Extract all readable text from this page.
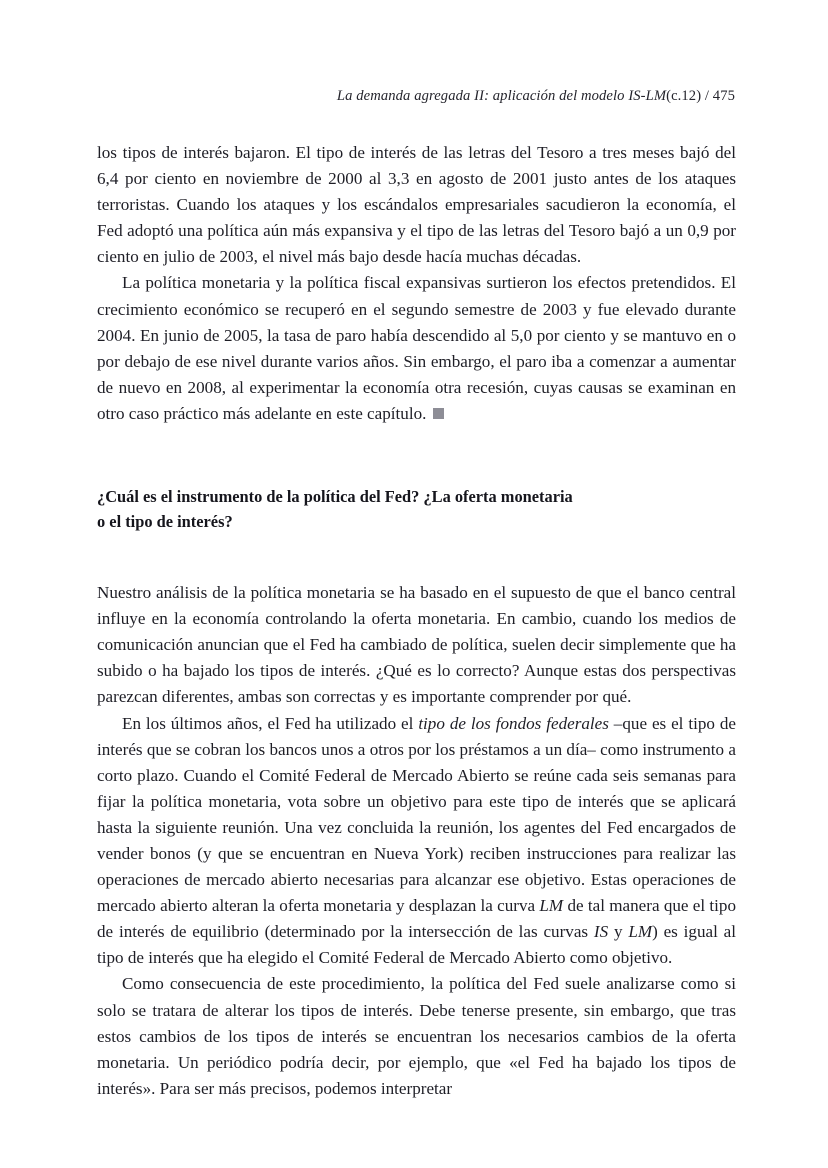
La demanda agregada II: aplicación del modelo IS-LM(c.12) / 475

los tipos de interés bajaron. El tipo de interés de las letras del Tesoro a tres meses bajó del 6,4 por ciento en noviembre de 2000 al 3,3 en agosto de 2001 justo antes de los ataques terroristas. Cuando los ataques y los escándalos empresariales sacudieron la economía, el Fed adoptó una política aún más expansiva y el tipo de las letras del Tesoro bajó a un 0,9 por ciento en julio de 2003, el nivel más bajo desde hacía muchas décadas.

La política monetaria y la política fiscal expansivas surtieron los efectos pretendidos. El crecimiento económico se recuperó en el segundo semestre de 2003 y fue elevado durante 2004. En junio de 2005, la tasa de paro había descendido al 5,0 por ciento y se mantuvo en o por debajo de ese nivel durante varios años. Sin embargo, el paro iba a comenzar a aumentar de nuevo en 2008, al experimentar la economía otra recesión, cuyas causas se examinan en otro caso práctico más adelante en este capítulo.

¿Cuál es el instrumento de la política del Fed? ¿La oferta monetaria
o el tipo de interés?

Nuestro análisis de la política monetaria se ha basado en el supuesto de que el banco central influye en la economía controlando la oferta monetaria. En cambio, cuando los medios de comunicación anuncian que el Fed ha cambiado de política, suelen decir simplemente que ha subido o ha bajado los tipos de interés. ¿Qué es lo correcto? Aunque estas dos perspectivas parezcan diferentes, ambas son correctas y es importante comprender por qué.

En los últimos años, el Fed ha utilizado el tipo de los fondos federales –que es el tipo de interés que se cobran los bancos unos a otros por los préstamos a un día– como instrumento a corto plazo. Cuando el Comité Federal de Mercado Abierto se reúne cada seis semanas para fijar la política monetaria, vota sobre un objetivo para este tipo de interés que se aplicará hasta la siguiente reunión. Una vez concluida la reunión, los agentes del Fed encargados de vender bonos (y que se encuentran en Nueva York) reciben instrucciones para realizar las operaciones de mercado abierto necesarias para alcanzar ese objetivo. Estas operaciones de mercado abierto alteran la oferta monetaria y desplazan la curva LM de tal manera que el tipo de interés de equilibrio (determinado por la intersección de las curvas IS y LM) es igual al tipo de interés que ha elegido el Comité Federal de Mercado Abierto como objetivo.

Como consecuencia de este procedimiento, la política del Fed suele analizarse como si solo se tratara de alterar los tipos de interés. Debe tenerse presente, sin embargo, que tras estos cambios de los tipos de interés se encuentran los necesarios cambios de la oferta monetaria. Un periódico podría decir, por ejemplo, que «el Fed ha bajado los tipos de interés». Para ser más precisos, podemos interpretar
